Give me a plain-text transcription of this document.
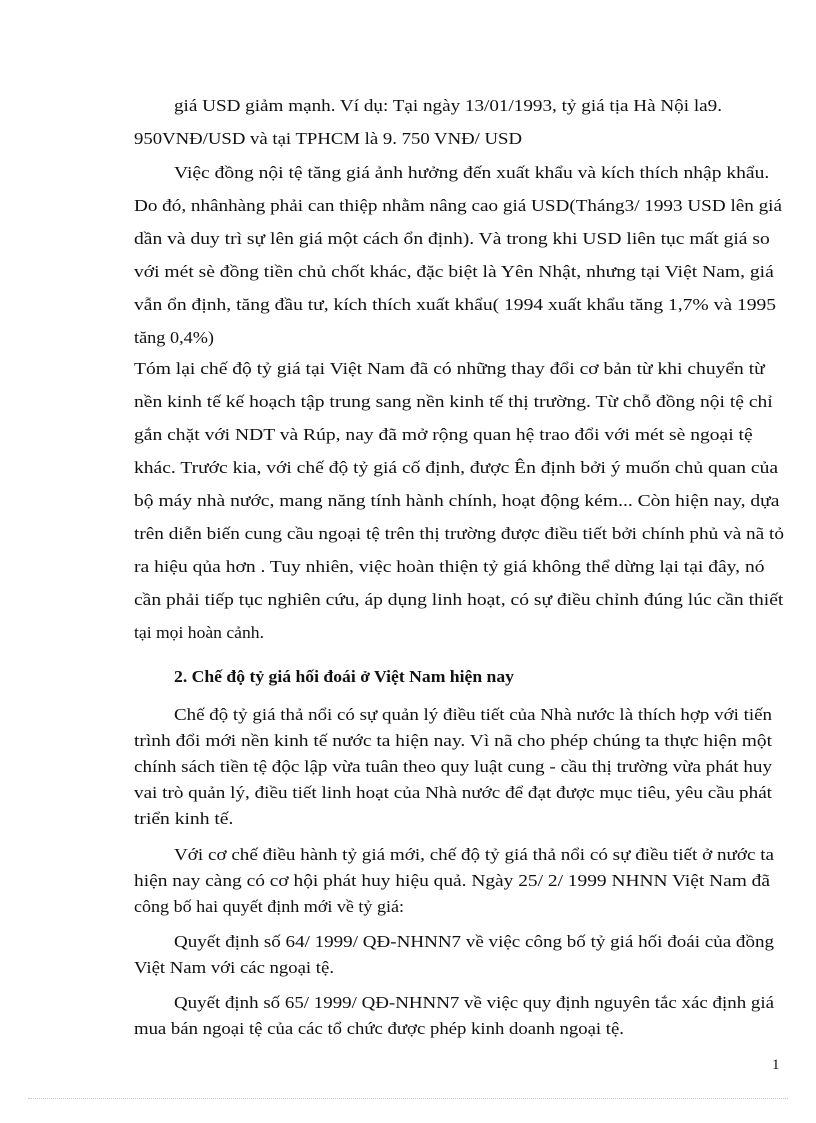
giá USD giảm mạnh. Ví dụ: Tại ngày 13/01/1993, tỷ giá tịa Hà Nội la9.
950VNĐ/USD và tại TPHCM là 9. 750 VNĐ/ USD
Việc đồng nội tệ tăng giá ảnh hưởng đến xuất khẩu và kích thích nhập khẩu.
Do đó, nhânhàng phải can thiệp nhằm nâng cao giá USD(Tháng3/ 1993 USD lên giá
dần và duy trì sự lên giá một cách ổn định). Và trong khi USD liên tục mất giá so
với mét sè đồng tiền chủ chốt khác, đặc biệt là Yên Nhật, nhưng tại Việt Nam, giá
vẫn ổn định, tăng đầu tư, kích thích xuất khẩu( 1994 xuất khẩu tăng 1,7% và 1995
tăng 0,4%)
Tóm lại chế độ tỷ giá tại Việt Nam đã có những thay đổi cơ bản từ khi chuyển từ
nền kinh tế kế hoạch tập trung sang nền kinh tế thị trường. Từ chỗ đồng nội tệ chỉ
gắn chặt với NDT và Rúp, nay đã mở rộng quan hệ trao đổi với mét sè ngoại tệ
khác. Trước kia, với chế độ tỷ giá cố định, được Ên định bởi ý muốn chủ quan của
bộ máy nhà nước, mang năng tính hành chính, hoạt động kém... Còn hiện nay, dựa
trên diễn biến cung cầu ngoại tệ trên thị trường được điều tiết bởi chính phủ và nã tỏ
ra hiệu qủa hơn . Tuy nhiên, việc hoàn thiện tỷ giá không thể dừng lại tại đây, nó
cần phải tiếp tục nghiên cứu, áp dụng linh hoạt, có sự điều chỉnh đúng lúc cần thiết
tại mọi hoàn cảnh.
2. Chế độ tỷ giá hối đoái ở Việt Nam hiện nay
Chế độ tỷ giá thả nổi có sự quản lý điều tiết của Nhà nước là thích hợp với tiến
trình đổi mới nền kinh tế nước ta hiện nay. Vì nã cho phép chúng ta thực hiện một
chính sách tiền tệ độc lập vừa tuân theo quy luật cung - cầu thị trường vừa phát huy
vai trò quản lý, điều tiết linh hoạt của Nhà nước để đạt được mục tiêu, yêu cầu phát
triển kinh tế.
Với cơ chế điều hành tỷ giá mới, chế độ tỷ giá thả nổi có sự điều tiết ở nước ta
hiện nay càng có cơ hội phát huy hiệu quả. Ngày 25/ 2/ 1999 NHNN Việt Nam đã
công bố hai quyết định mới về tỷ giá:
Quyết định số 64/ 1999/ QĐ-NHNN7 về việc công bố tỷ giá hối đoái của đồng
Việt Nam với các ngoại tệ.
Quyết định số 65/ 1999/ QĐ-NHNN7 về việc quy định nguyên tắc xác định giá
mua bán ngoại tệ của các tổ chức được phép kinh doanh ngoại tệ.
1
